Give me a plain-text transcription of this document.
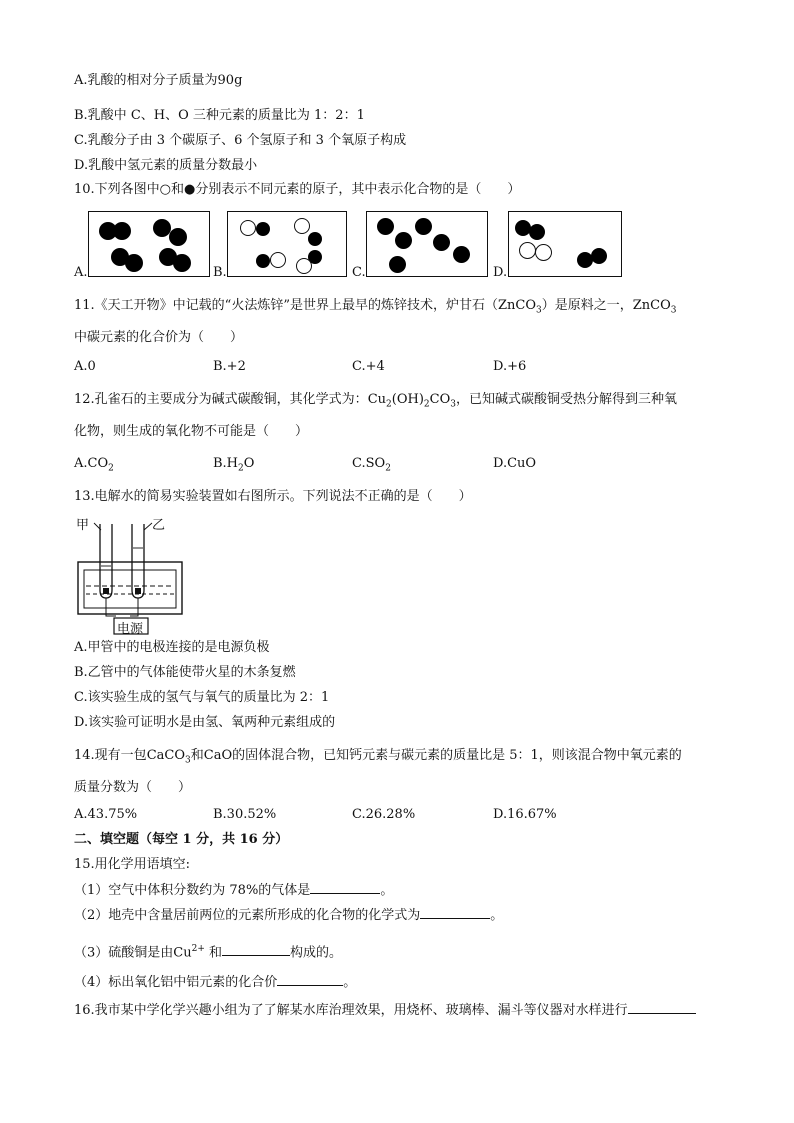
A.乳酸的相对分子质量为90g
B.乳酸中 C、H、O 三种元素的质量比为 1：2：1
C.乳酸分子由 3 个碳原子、6 个氢原子和 3 个氧原子构成
D.乳酸中氢元素的质量分数最小
10.下列各图中○和●分别表示不同元素的原子，其中表示化合物的是（　　）
A.	B.	C.	D.
11.《天工开物》中记载的“火法炼锌”是世界上最早的炼锌技术，炉甘石（ZnCO$_3$）是原料之一，ZnCO$_3$
中碳元素的化合价为（　　）
A.0	B.+2	C.+4	D.+6
12.孔雀石的主要成分为碱式碳酸铜，其化学式为：$Cu_2(OH)_2CO_3$，已知碱式碳酸铜受热分解得到三种氧
化物，则生成的氧化物不可能是（　　）
$A.CO_2$	$B.H_2O$	$C.SO_2$	D.CuO
13.电解水的简易实验装置如右图所示。下列说法不正确的是（　　）
甲	乙
电源
A.甲管中的电极连接的是电源负极
B.乙管中的气体能使带火星的木条复燃
C.该实验生成的氢气与氧气的质量比为 2：1
D.该实验可证明水是由氢、氧两种元素组成的
14.现有一包CaCO$_3$和CaO的固体混合物，已知钙元素与碳元素的质量比是 5：1，则该混合物中氧元素的
质量分数为（　　）
A.43.75%	B.30.52%	C.26.28%	D.16.67%
二、填空题（每空 1 分，共 16 分）
15.用化学用语填空:
（1）空气中体积分数约为 78%的气体是	。
（2）地壳中含量居前两位的元素所形成的化合物的化学式为	。
（3）硫酸铜是由$Cu^{2+}$ 和	构成的。
（4）标出氧化铝中铝元素的化合价	。
16.我市某中学化学兴趣小组为了了解某水库治理效果，用烧杯、玻璃棒、漏斗等仪器对水样进行
